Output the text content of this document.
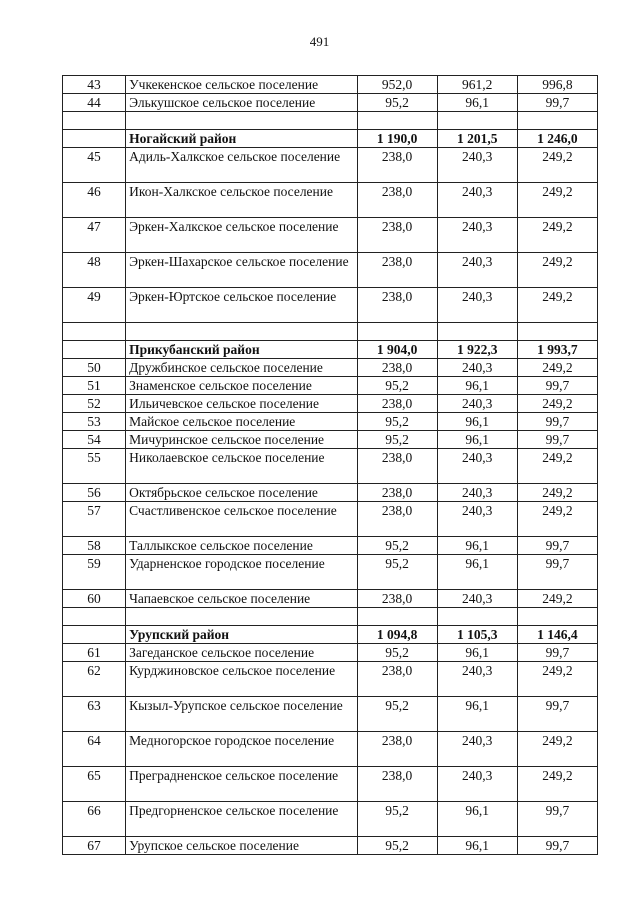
491
43	Учкекенское сельское поселение	952,0	961,2	996,8
44	Элькушское сельское поселение	95,2	96,1	99,7

	Ногайский район	1 190,0	1 201,5	1 246,0
45	Адиль-Халкское сельское поселение	238,0	240,3	249,2
46	Икон-Халкское сельское поселение	238,0	240,3	249,2
47	Эркен-Халкское сельское поселение	238,0	240,3	249,2
48	Эркен-Шахарское сельское поселение	238,0	240,3	249,2
49	Эркен-Юртское сельское поселение	238,0	240,3	249,2

	Прикубанский район	1 904,0	1 922,3	1 993,7
50	Дружбинское сельское поселение	238,0	240,3	249,2
51	Знаменское сельское поселение	95,2	96,1	99,7
52	Ильичевское сельское поселение	238,0	240,3	249,2
53	Майское сельское поселение	95,2	96,1	99,7
54	Мичуринское сельское поселение	95,2	96,1	99,7
55	Николаевское сельское поселение	238,0	240,3	249,2
56	Октябрьское сельское поселение	238,0	240,3	249,2
57	Счастливенское сельское поселение	238,0	240,3	249,2
58	Таллыкское сельское поселение	95,2	96,1	99,7
59	Ударненское городское поселение	95,2	96,1	99,7
60	Чапаевское сельское поселение	238,0	240,3	249,2

	Урупский район	1 094,8	1 105,3	1 146,4
61	Загеданское сельское поселение	95,2	96,1	99,7
62	Курджиновское сельское поселение	238,0	240,3	249,2
63	Кызыл-Урупское сельское поселение	95,2	96,1	99,7
64	Медногорское городское поселение	238,0	240,3	249,2
65	Преградненское сельское поселение	238,0	240,3	249,2
66	Предгорненское сельское поселение	95,2	96,1	99,7
67	Урупское сельское поселение	95,2	96,1	99,7
